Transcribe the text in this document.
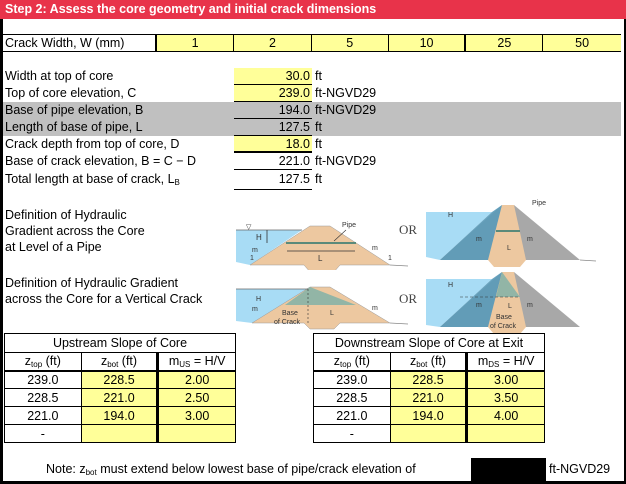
Step 2: Assess the core geometry and initial crack dimensions
Crack Width, W (mm)	1	2	5	10	25	50
Width at top of core	30.0 ft
Top of core elevation, C	239.0 ft-NGVD29
Base of pipe elevation, B	194.0 ft-NGVD29
Length of base of pipe, L	127.5 ft
Crack depth from top of core, D	18.0 ft
Base of crack elevation, B = C − D	221.0 ft-NGVD29
Total length at base of crack, $L_B$	127.5 ft
Definition of Hydraulic
Gradient across the Core
at Level of a Pipe
Definition of Hydraulic Gradient
across the Core for a Vertical Crack
▽
H
m
1
m
1
L
Pipe	OR
H
L
Pipe
m	m
H
m	m
L
Base
of Crack
OR
H
L
Base
of Crack
m	m
Upstream Slope of Core		
$z_{top}$ (ft)	$z_{bot}$ (ft)	$m_{US} = H/V$
239.0	228.5	2.00
228.5	221.0	2.50
221.0	194.0	3.00
-		
Downstream Slope of Core at Exit		
$z_{top}$ (ft)	$z_{bot}$ (ft)	$m_{DS} = H/V$
239.0	228.5	3.00
228.5	221.0	3.50
221.0	194.0	4.00
-		
Note: $z_{bot}$ must extend below lowest base of pipe/crack elevation of	ft-NGVD29
